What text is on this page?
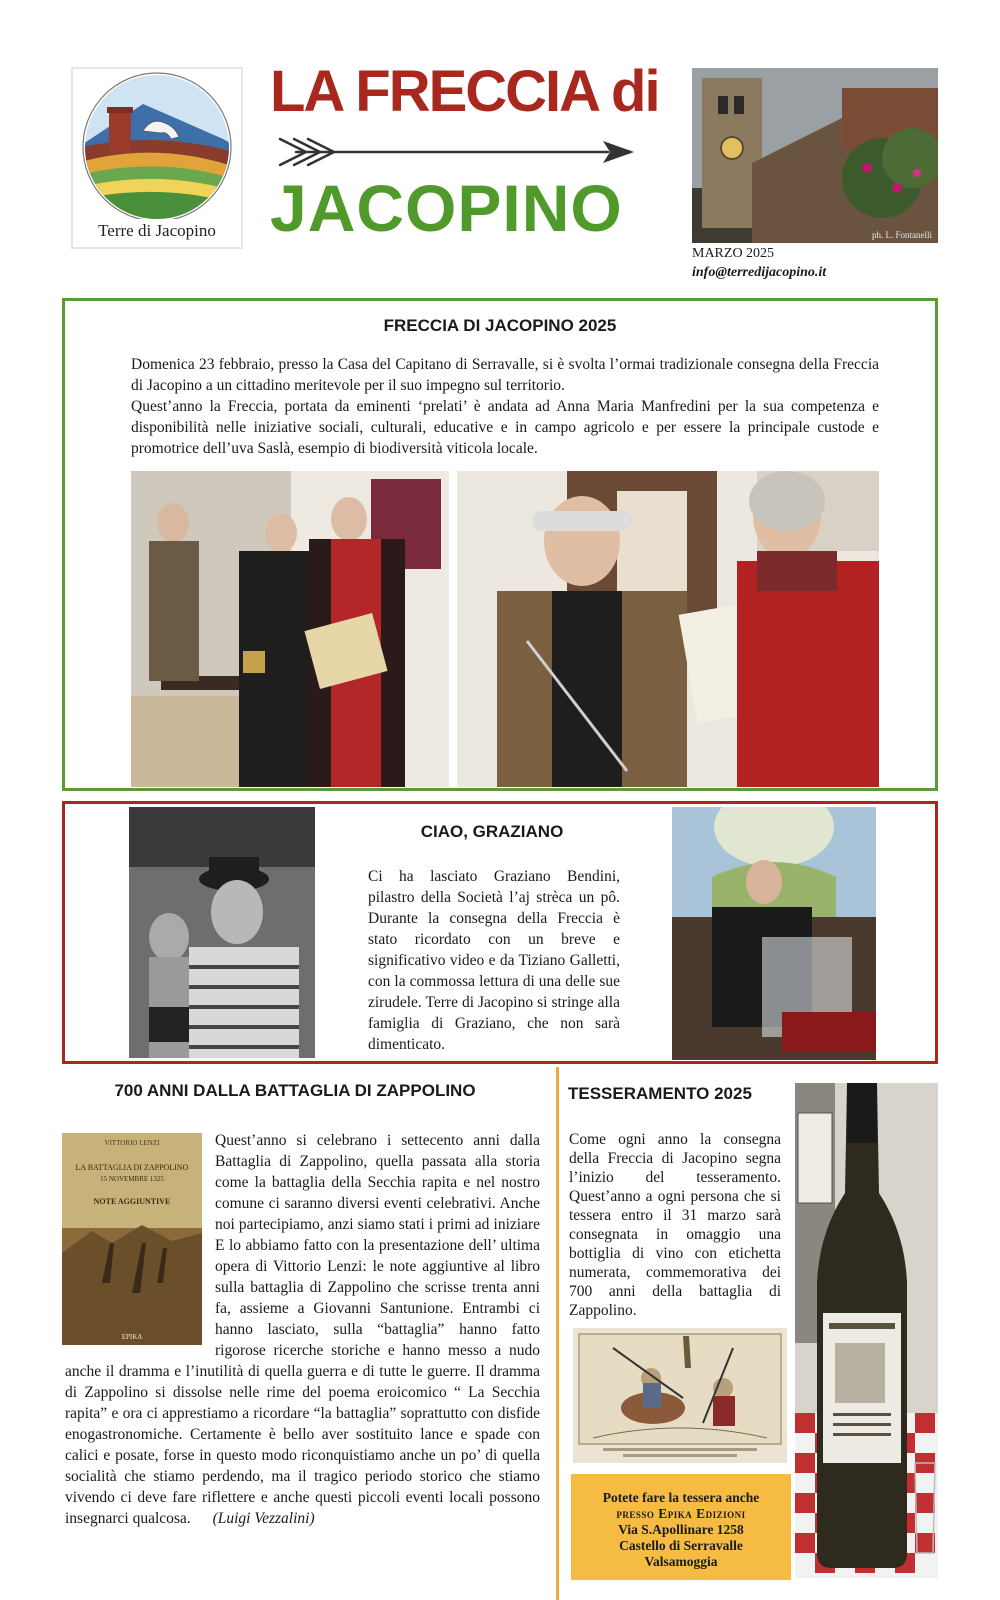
Terre di Jacopino
LA FRECCIA di
JACOPINO	ph. L. Fontanelli
MARZO 2025
info@terredijacopino.it
FRECCIA DI JACOPINO 2025
Domenica 23 febbraio, presso la Casa del Capitano di Serravalle, si è svolta l’ormai tradizionale consegna della Freccia di Jacopino a un cittadino meritevole per il suo impegno sul territorio.
Quest’anno la Freccia, portata da eminenti ‘prelati’ è andata ad Anna Maria Manfredini per la sua competenza e disponibilità nelle iniziative sociali, culturali, educative e in campo agricolo e per essere la principale custode e promotrice dell’uva Saslà, esempio di biodiversità viticola locale.
CIAO, GRAZIANO
Ci ha lasciato Graziano Bendini, pilastro della Società l’aj strèca un pô. Durante la consegna della Freccia è stato ricordato con un breve e significativo video e da Tiziano Galletti, con la commossa lettura di una delle sue zirudele. Terre di Jacopino si stringe alla famiglia di Graziano, che non sarà dimenticato.
700 ANNI DALLA BATTAGLIA DI ZAPPOLINO
VITTORIO LENZI
LA BATTAGLIA DI ZAPPOLINO
15 NOVEMBRE 1325
NOTE AGGIUNTIVE
EPIKA
Quest’anno si celebrano i settecento anni dalla Battaglia di Zappolino, quella passata alla storia come la battaglia della Secchia rapita e nel nostro comune ci saranno diversi eventi celebrativi. Anche noi partecipiamo, anzi siamo stati i primi ad iniziare E lo abbiamo fatto con la presentazione dell’ ultima opera di Vittorio Lenzi: le note aggiuntive al libro sulla battaglia di Zappolino che scrisse trenta anni fa, assieme a Giovanni Santunione. Entrambi ci hanno lasciato, sulla “battaglia” hanno fatto rigorose ricerche storiche e hanno messo a nudo anche il dramma e l’inutilità di quella guerra e di tutte le guerre. Il dramma di Zappolino si dissolse nelle rime del poema eroicomico “ La Secchia rapita” e ora ci apprestiamo a ricordare “la battaglia” soprattutto con disfide enogastronomiche. Certamente è bello aver sostituito lance e spade con calici e posate, forse in questo modo riconquistiamo anche un po’ di quella socialità che stiamo perdendo, ma il tragico periodo storico che stiamo vivendo ci deve fare riflettere e anche questi piccoli eventi locali possono insegnarci qualcosa. (Luigi Vezzalini)
TESSERAMENTO 2025
Come ogni anno la consegna della Freccia di Jacopino segna l’inizio del tesseramento. Quest’anno a ogni persona che si tessera entro il 31 marzo sarà consegnata in omaggio una bottiglia di vino con etichetta numerata, commemorativa dei 700 anni della battaglia di Zappolino.
Potete fare la tessera anche
presso Epika Edizioni
Via S.Apollinare 1258
Castello di Serravalle
Valsamoggia
